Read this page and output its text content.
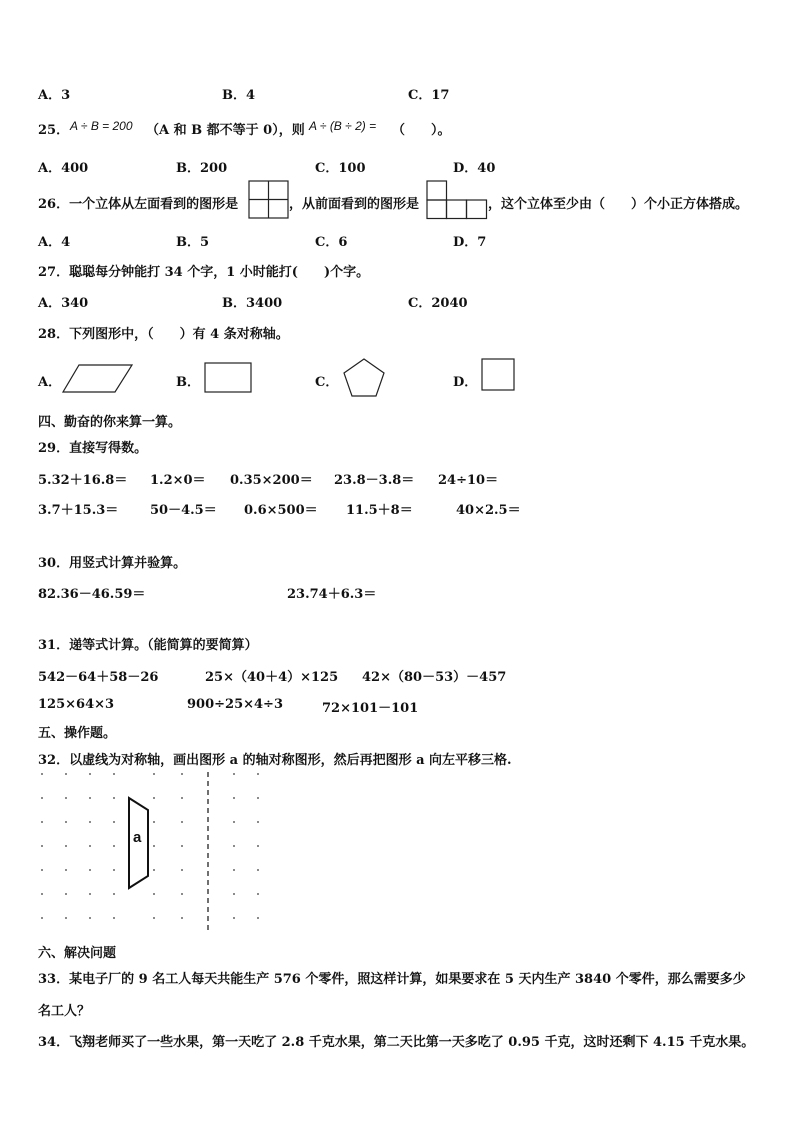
A．3	B．4	C．17
25． A ÷ B = 200 （A 和 B 都不等于 0），则 A ÷ (B ÷ 2) = （　　）。
A．400	B．200	C．100	D．40
26．一个立体从左面看到的图形是	，从前面看到的图形是	，这个立体至少由（　　）个小正方体搭成。
A．4	B．5	C．6	D．7
27．聪聪每分钟能打 34 个字，1 小时能打(　　)个字。
A．340	B．3400	C．2040
28．下列图形中，（　　）有 4 条对称轴。
A．	B．	C．	D．
四、勤奋的你来算一算。
29．直接写得数。
5.32＋16.8＝ 1.2×0＝ 0.35×200＝ 23.8－3.8＝ 24÷10＝
3.7＋15.3＝ 50－4.5＝ 0.6×500＝ 11.5＋8＝	40×2.5＝
30．用竖式计算并验算。
82.36－46.59＝	23.74＋6.3＝
31．递等式计算。（能简算的要简算）
542－64＋58－26	25×（40＋4）×125 42×（80－53）－457
125×64×3	900÷25×4÷3	72×101－101
五、操作题。
32．以虚线为对称轴，画出图形 a 的轴对称图形，然后再把图形 a 向左平移三格.
a
六、解决问题
33．某电子厂的 9 名工人每天共能生产 576 个零件，照这样计算，如果要求在 5 天内生产 3840 个零件，那么需要多少
名工人？
34．飞翔老师买了一些水果，第一天吃了 2.8 千克水果，第二天比第一天多吃了 0.95 千克，这时还剩下 4.15 千克水果。
